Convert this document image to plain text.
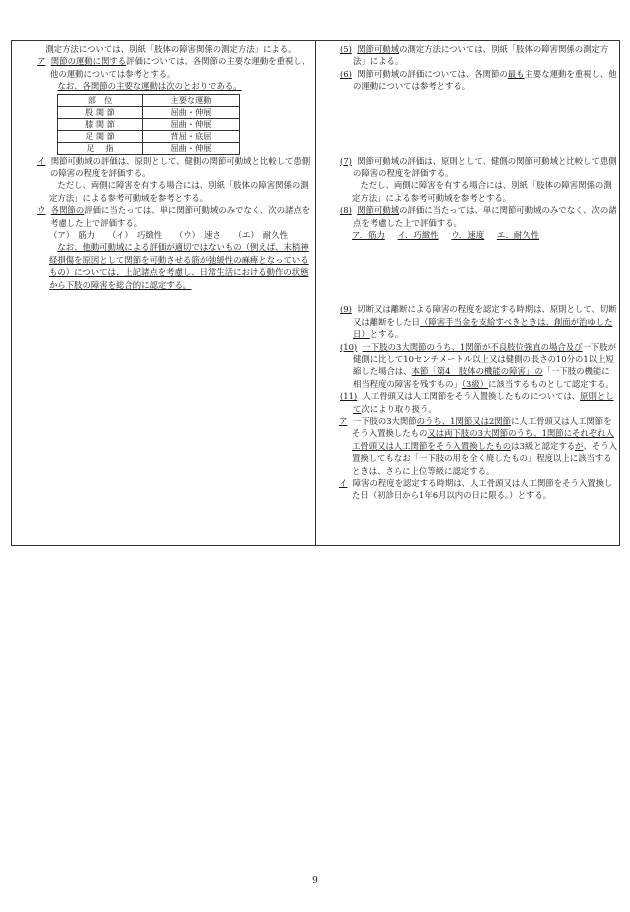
測定方法については、別紙「肢体の障害関係の測定方法」による。

ア 関節の運動に関する評価については、各関節の主要な運動を重視し、他の運動については参考とする。

なお、各関節の主要な運動は次のとおりである。

部　位	主要な運動
股 関 節	屈曲・伸展
膝 関 節	屈曲・伸展
足 関 節	背屈・底屈
足　 指	屈曲・伸展

イ 関節可動域の評価は、原則として、健側の関節可動域と比較して患側の障害の程度を評価する。

ただし、両側に障害を有する場合には、別紙「肢体の障害関係の測定方法」による参考可動域を参考とする。

ウ 各関節の評価に当たっては、単に関節可動域のみでなく、次の諸点を考慮した上で評価する。

（ア）　筋力 （イ）　巧緻性 （ウ）　速さ （エ）　耐久性

なお、他動可動域による評価が適切ではないもの（例えば、末梢神経損傷を原因として関節を可動させる筋が弛緩性の麻痺となっているもの）については、上記諸点を考慮し、日常生活における動作の状態から下肢の障害を総合的に認定する。

(5) 関節可動域の測定方法については、別紙「肢体の障害関係の測定方法」による。

(6) 関節可動域の評価については、各関節の最も主要な運動を重視し、他の運動については参考とする。

(7) 関節可動域の評価は、原則として、健側の関節可動域と比較して患側の障害の程度を評価する。

ただし、両側に障害を有する場合には、別紙「肢体の障害関係の測定方法」による参考可動域を参考とする。

(8) 関節可動域の評価に当たっては、単に関節可動域のみでなく、次の諸点を考慮した上で評価する。

ア．筋力 イ．巧緻性 ウ．速度 エ．耐久性

(9) 切断又は離断による障害の程度を認定する時期は、原則として、切断又は離断をした日（障害手当金を支給すべきときは、創面が治ゆした日）とする。

(10) 一下肢の3大関節のうち、1関節が不良肢位強直の場合及び一下肢が健側に比して10センチメートル以上又は健側の長さの10分の1以上短縮した場合は、本節「第4　肢体の機能の障害」の「一下肢の機能に相当程度の障害を残すもの」（3級）に該当するものとして認定する。

(11) 人工骨頭又は人工関節をそう入置換したものについては、原則として次により取り扱う。

ア 一下肢の3大関節のうち、1関節又は2関節に人工骨頭又は人工関節をそう入置換したもの又は両下肢の3大関節のうち、1関節にそれぞれ人工骨頭又は人工関節をそう入置換したものは3級と認定するが、そう入置換してもなお「一下肢の用を全く廃したもの」程度以上に該当するときは、さらに上位等級に認定する。

イ 障害の程度を認定する時期は、人工骨頭又は人工関節をそう入置換した日（初診日から1年6月以内の日に限る。）とする。

9
